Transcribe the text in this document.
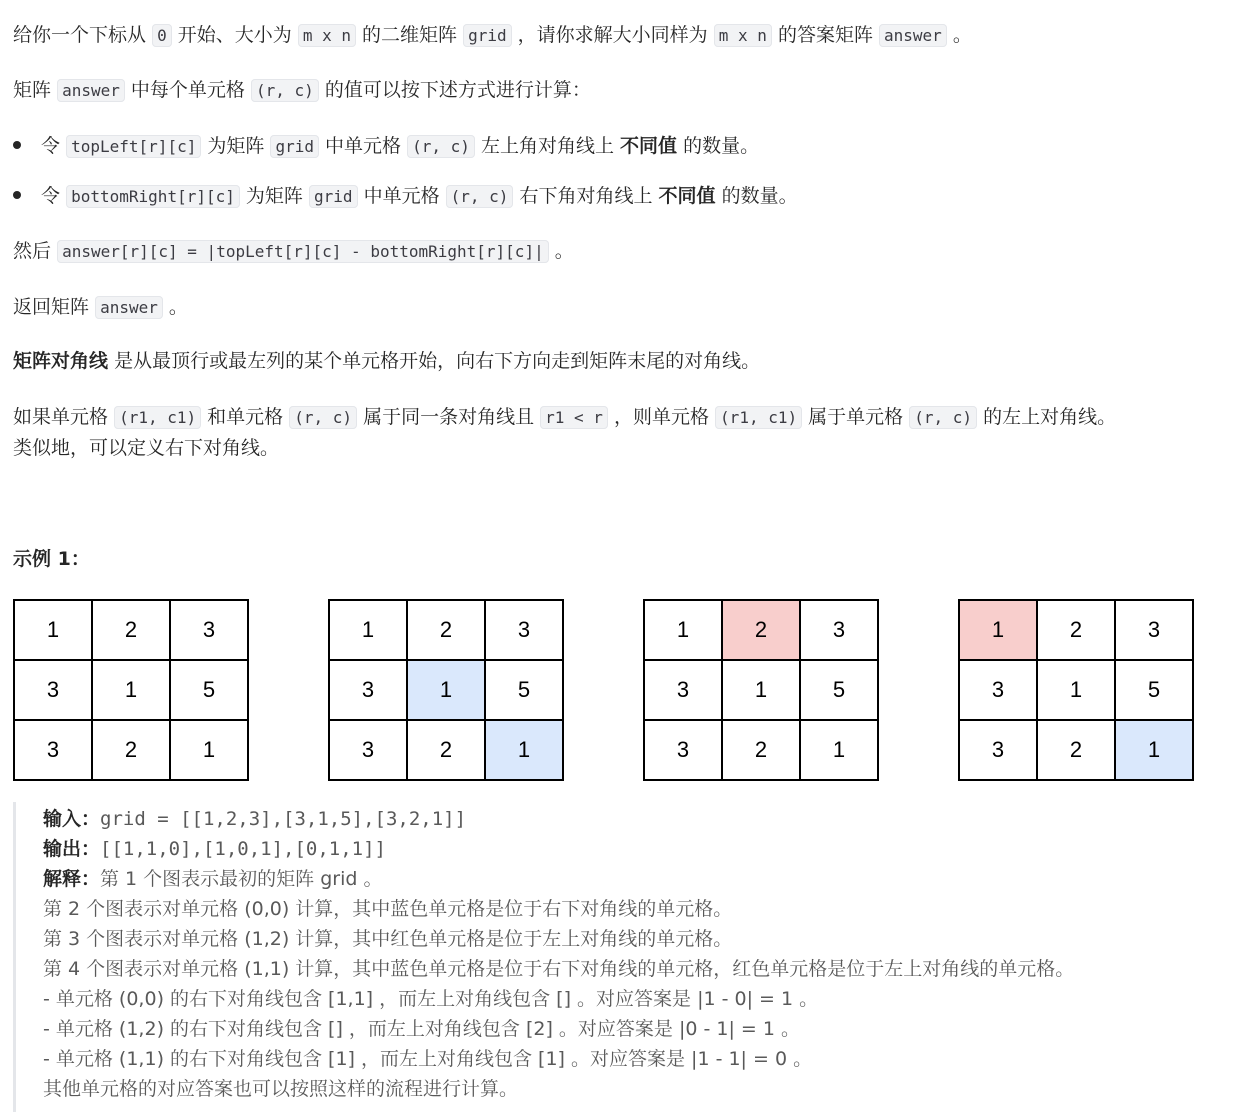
给你一个下标从 0 开始、大小为 m x n 的二维矩阵 grid ，请你求解大小同样为 m x n 的答案矩阵 answer 。
矩阵 answer 中每个单元格 (r, c) 的值可以按下述方式进行计算：
令 topLeft[r][c] 为矩阵 grid 中单元格 (r, c) 左上角对角线上 不同值 的数量。
令 bottomRight[r][c] 为矩阵 grid 中单元格 (r, c) 右下角对角线上 不同值 的数量。
然后 answer[r][c] = |topLeft[r][c] - bottomRight[r][c]| 。
返回矩阵 answer 。
矩阵对角线 是从最顶行或最左列的某个单元格开始，向右下方向走到矩阵末尾的对角线。
如果单元格 (r1, c1) 和单元格 (r, c) 属于同一条对角线且 r1 < r ，则单元格 (r1, c1) 属于单元格 (r, c) 的左上对角线。
类似地，可以定义右下对角线。
示例 1：
1	2	3
3	1	5
3	2	1
1	2	3
3	1	5
3	2	1
1	2	3
3	1	5
3	2	1
1	2	3
3	1	5
3	2	1
输入：grid = [[1,2,3],[3,1,5],[3,2,1]]
输出：[[1,1,0],[1,0,1],[0,1,1]]
解释：第 1 个图表示最初的矩阵 grid 。
第 2 个图表示对单元格 (0,0) 计算，其中蓝色单元格是位于右下对角线的单元格。
第 3 个图表示对单元格 (1,2) 计算，其中红色单元格是位于左上对角线的单元格。
第 4 个图表示对单元格 (1,1) 计算，其中蓝色单元格是位于右下对角线的单元格，红色单元格是位于左上对角线的单元格。
- 单元格 (0,0) 的右下对角线包含 [1,1] ，而左上对角线包含 [] 。对应答案是 |1 - 0| = 1 。
- 单元格 (1,2) 的右下对角线包含 [] ，而左上对角线包含 [2] 。对应答案是 |0 - 1| = 1 。
- 单元格 (1,1) 的右下对角线包含 [1] ，而左上对角线包含 [1] 。对应答案是 |1 - 1| = 0 。
其他单元格的对应答案也可以按照这样的流程进行计算。
